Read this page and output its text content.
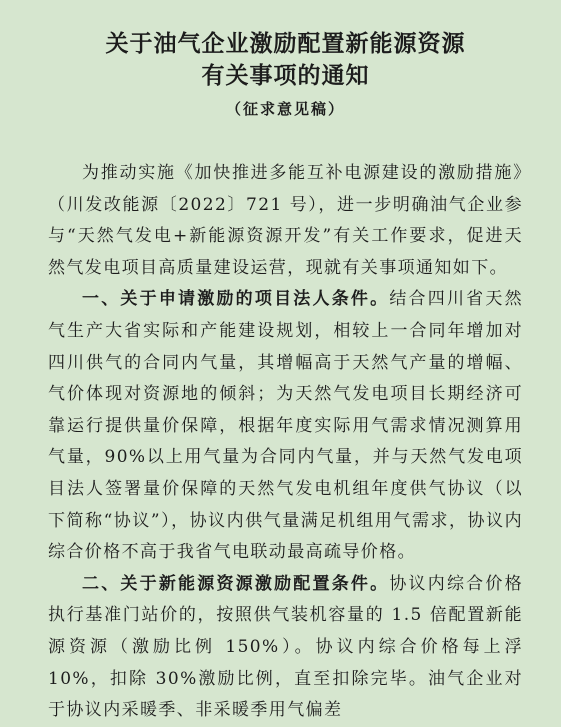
关于油气企业激励配置新能源资源
有关事项的通知
（征求意见稿）

为推动实施《加快推进多能互补电源建设的激励措施》（川发改能源〔2022〕721 号），进一步明确油气企业参与“天然气发电+新能源资源开发”有关工作要求，促进天然气发电项目高质量建设运营，现就有关事项通知如下。

一、关于申请激励的项目法人条件。结合四川省天然气生产大省实际和产能建设规划，相较上一合同年增加对四川供气的合同内气量，其增幅高于天然气产量的增幅、气价体现对资源地的倾斜；为天然气发电项目长期经济可靠运行提供量价保障，根据年度实际用气需求情况测算用气量，90%以上用气量为合同内气量，并与天然气发电项目法人签署量价保障的天然气发电机组年度供气协议（以下简称“协议”），协议内供气量满足机组用气需求，协议内综合价格不高于我省气电联动最高疏导价格。

二、关于新能源资源激励配置条件。协议内综合价格执行基准门站价的，按照供气装机容量的 1.5 倍配置新能源资源（激励比例 150%）。协议内综合价格每上浮 10%，扣除 30%激励比例，直至扣除完毕。油气企业对于协议内采暖季、非采暖季用气偏差
